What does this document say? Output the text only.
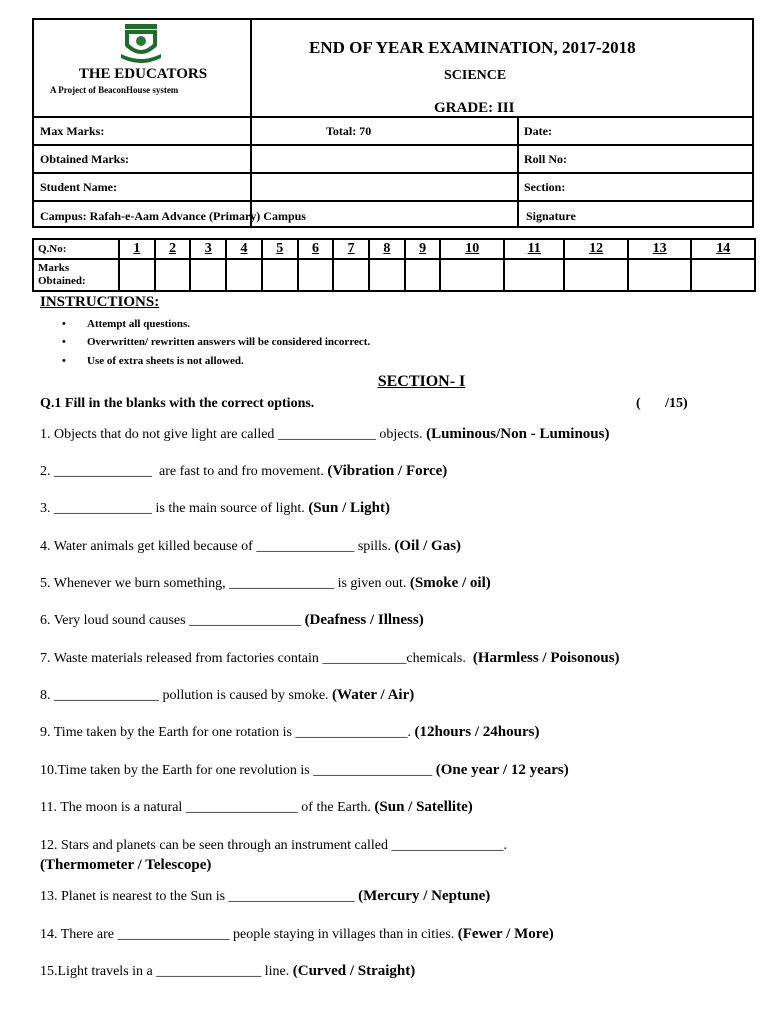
THE EDUCATORS
A Project of BeaconHouse system
END OF YEAR EXAMINATION, 2017-2018
SCIENCE
GRADE: III
Max Marks:	Total: 70	Date:
Obtained Marks:	Roll No:
Student Name:	Section:
Campus: Rafah-e-Aam Advance (Primary) Campus	Signature
Q.No:	1	2	3	4	5	6	7	8	9	10	11	12	13	14
Marks Obtained:														
INSTRUCTIONS:
• Attempt all questions.
• Overwritten/ rewritten answers will be considered incorrect.
• Use of extra sheets is not allowed.
SECTION- I
Q.1 Fill in the blanks with the correct options.	(       /15)
1. Objects that do not give light are called ______________ objects. (Luminous/Non - Luminous)
2. ______________  are fast to and fro movement. (Vibration / Force)
3. ______________ is the main source of light. (Sun / Light)
4. Water animals get killed because of ______________ spills. (Oil / Gas)
5. Whenever we burn something, _______________ is given out. (Smoke / oil)
6. Very loud sound causes ________________ (Deafness / Illness)
7. Waste materials released from factories contain ____________chemicals.  (Harmless / Poisonous)
8. _______________ pollution is caused by smoke. (Water / Air)
9. Time taken by the Earth for one rotation is ________________. (12hours / 24hours)
10.Time taken by the Earth for one revolution is _________________ (One year / 12 years)
11. The moon is a natural ________________ of the Earth. (Sun / Satellite)
12. Stars and planets can be seen through an instrument called ________________.
(Thermometer / Telescope)
13. Planet is nearest to the Sun is __________________ (Mercury / Neptune)
14. There are ________________ people staying in villages than in cities. (Fewer / More)
15.Light travels in a _______________ line. (Curved / Straight)
